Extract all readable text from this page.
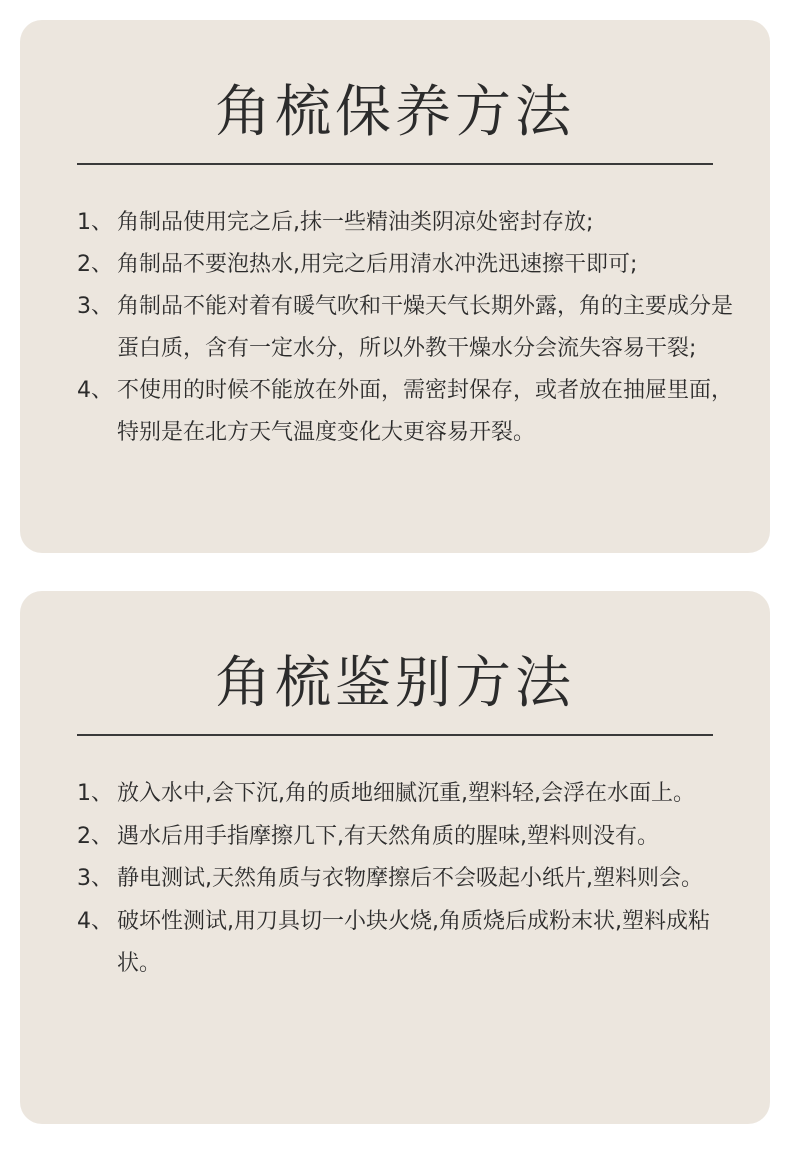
角梳保养方法
1、 角制品使用完之后,抹一些精油类阴凉处密封存放;
2、 角制品不要泡热水,用完之后用清水冲洗迅速擦干即可;
3、 角制品不能对着有暖气吹和干燥天气长期外露，角的主要成分是蛋白质，含有一定水分，所以外教干燥水分会流失容易干裂;
4、 不使用的时候不能放在外面，需密封保存，或者放在抽屉里面，特别是在北方天气温度变化大更容易开裂。
角梳鉴别方法
1、 放入水中,会下沉,角的质地细腻沉重,塑料轻,会浮在水面上。
2、 遇水后用手指摩擦几下,有天然角质的腥味,塑料则没有。
3、 静电测试,天然角质与衣物摩擦后不会吸起小纸片,塑料则会。
4、 破坏性测试,用刀具切一小块火烧,角质烧后成粉末状,塑料成粘状。
